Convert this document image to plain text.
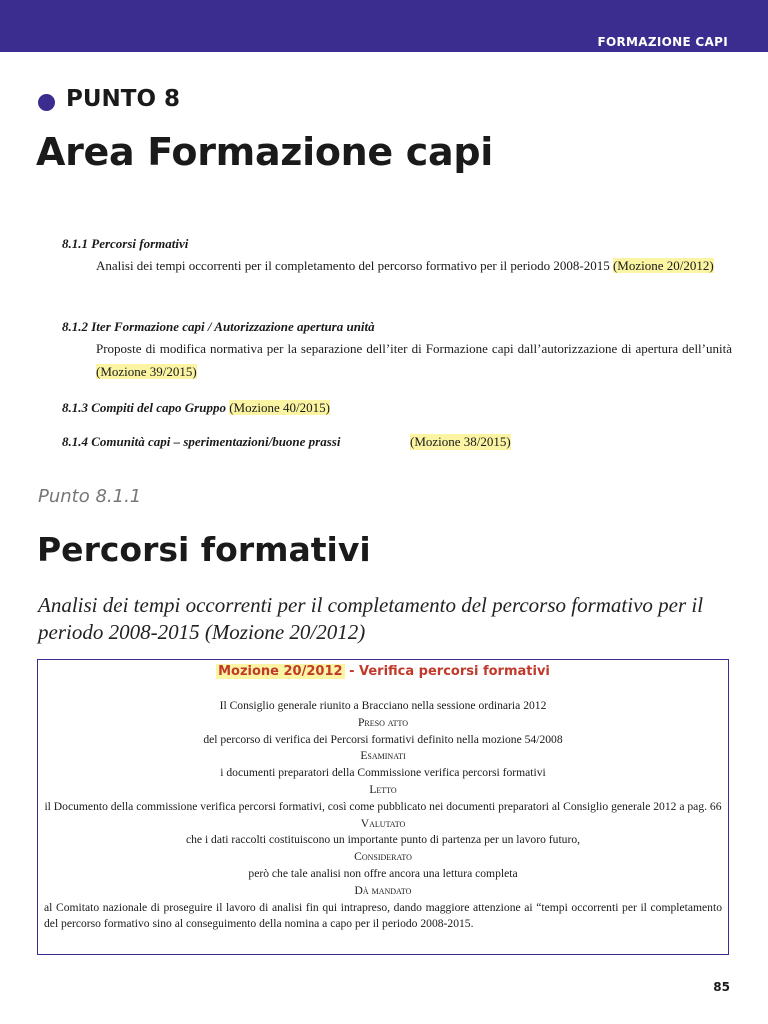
FORMAZIONE CAPI
PUNTO 8
Area Formazione capi
8.1.1 Percorsi formativi
Analisi dei tempi occorrenti per il completamento del percorso formativo per il periodo 2008-2015 (Mozione 20/2012)
8.1.2 Iter Formazione capi / Autorizzazione apertura unità
Proposte di modifica normativa per la separazione dell’iter di Formazione capi dall’autorizzazione di apertura dell’unità (Mozione 39/2015)
8.1.3 Compiti del capo Gruppo (Mozione 40/2015)
8.1.4 Comunità capi – sperimentazioni/buone prassi	(Mozione 38/2015)
Punto 8.1.1
Percorsi formativi
Analisi dei tempi occorrenti per il completamento del percorso formativo per il periodo 2008-2015 (Mozione 20/2012)
Mozione 20/2012 - Verifica percorsi formativi
Il Consiglio generale riunito a Bracciano nella sessione ordinaria 2012
Preso atto
del percorso di verifica dei Percorsi formativi definito nella mozione 54/2008
Esaminati
i documenti preparatori della Commissione verifica percorsi formativi
Letto
il Documento della commissione verifica percorsi formativi, così come pubblicato nei documenti preparatori al Consiglio generale 2012 a pag. 66
Valutato
che i dati raccolti costituiscono un importante punto di partenza per un lavoro futuro,
Considerato
però che tale analisi non offre ancora una lettura completa
Dà mandato
al Comitato nazionale di proseguire il lavoro di analisi fin qui intrapreso, dando maggiore attenzione ai “tempi occorrenti per il completamento del percorso formativo sino al conseguimento della nomina a capo per il periodo 2008-2015.
85
